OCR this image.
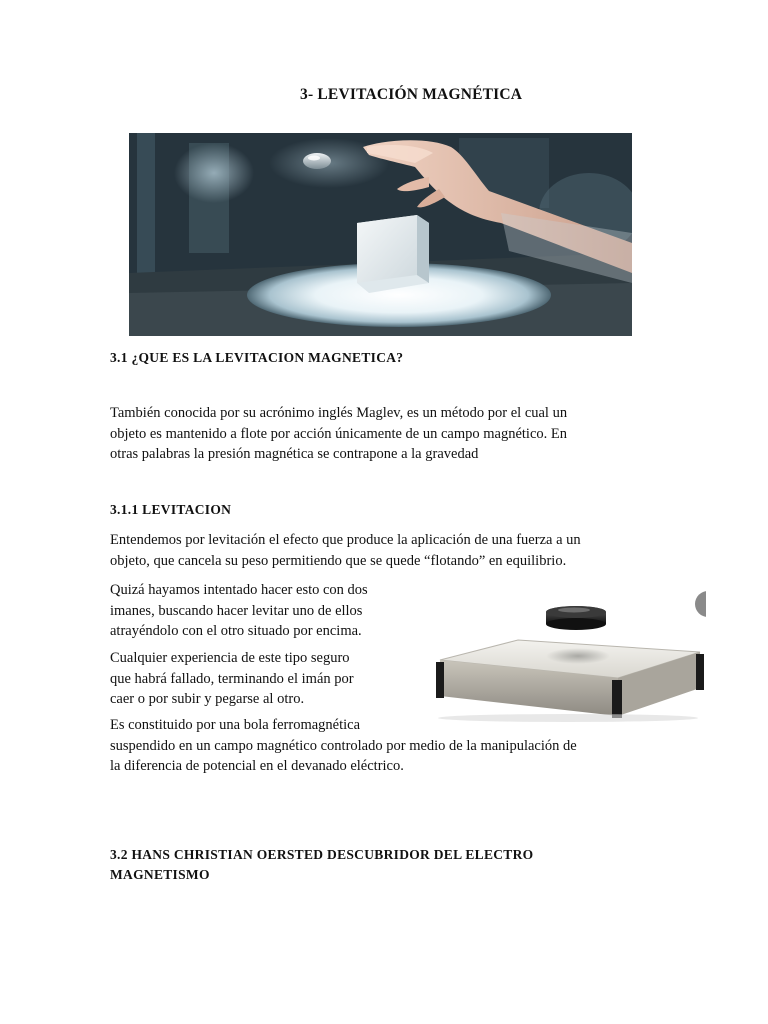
3- LEVITACIÓN MAGNÉTICA
3.1 ¿QUE ES LA LEVITACION MAGNETICA?
También conocida por su acrónimo inglés Maglev, es un método por el cual un
objeto es mantenido a flote por acción únicamente de un campo magnético. En
otras palabras la presión magnética se contrapone a la gravedad
3.1.1 LEVITACION
Entendemos por levitación el efecto que produce la aplicación de una fuerza a un
objeto, que cancela su peso permitiendo que se quede “flotando” en equilibrio.
Quizá hayamos intentado hacer esto con dos
imanes, buscando hacer levitar uno de ellos
atrayéndolo con el otro situado por encima.
Cualquier experiencia de este tipo seguro
que habrá fallado, terminando el imán por
caer o por subir y pegarse al otro.
Es constituido por una bola ferromagnética
suspendido en un campo magnético controlado por medio de la manipulación de
la diferencia de potencial en el devanado eléctrico.
3.2 HANS CHRISTIAN OERSTED DESCUBRIDOR DEL ELECTRO
MAGNETISMO
